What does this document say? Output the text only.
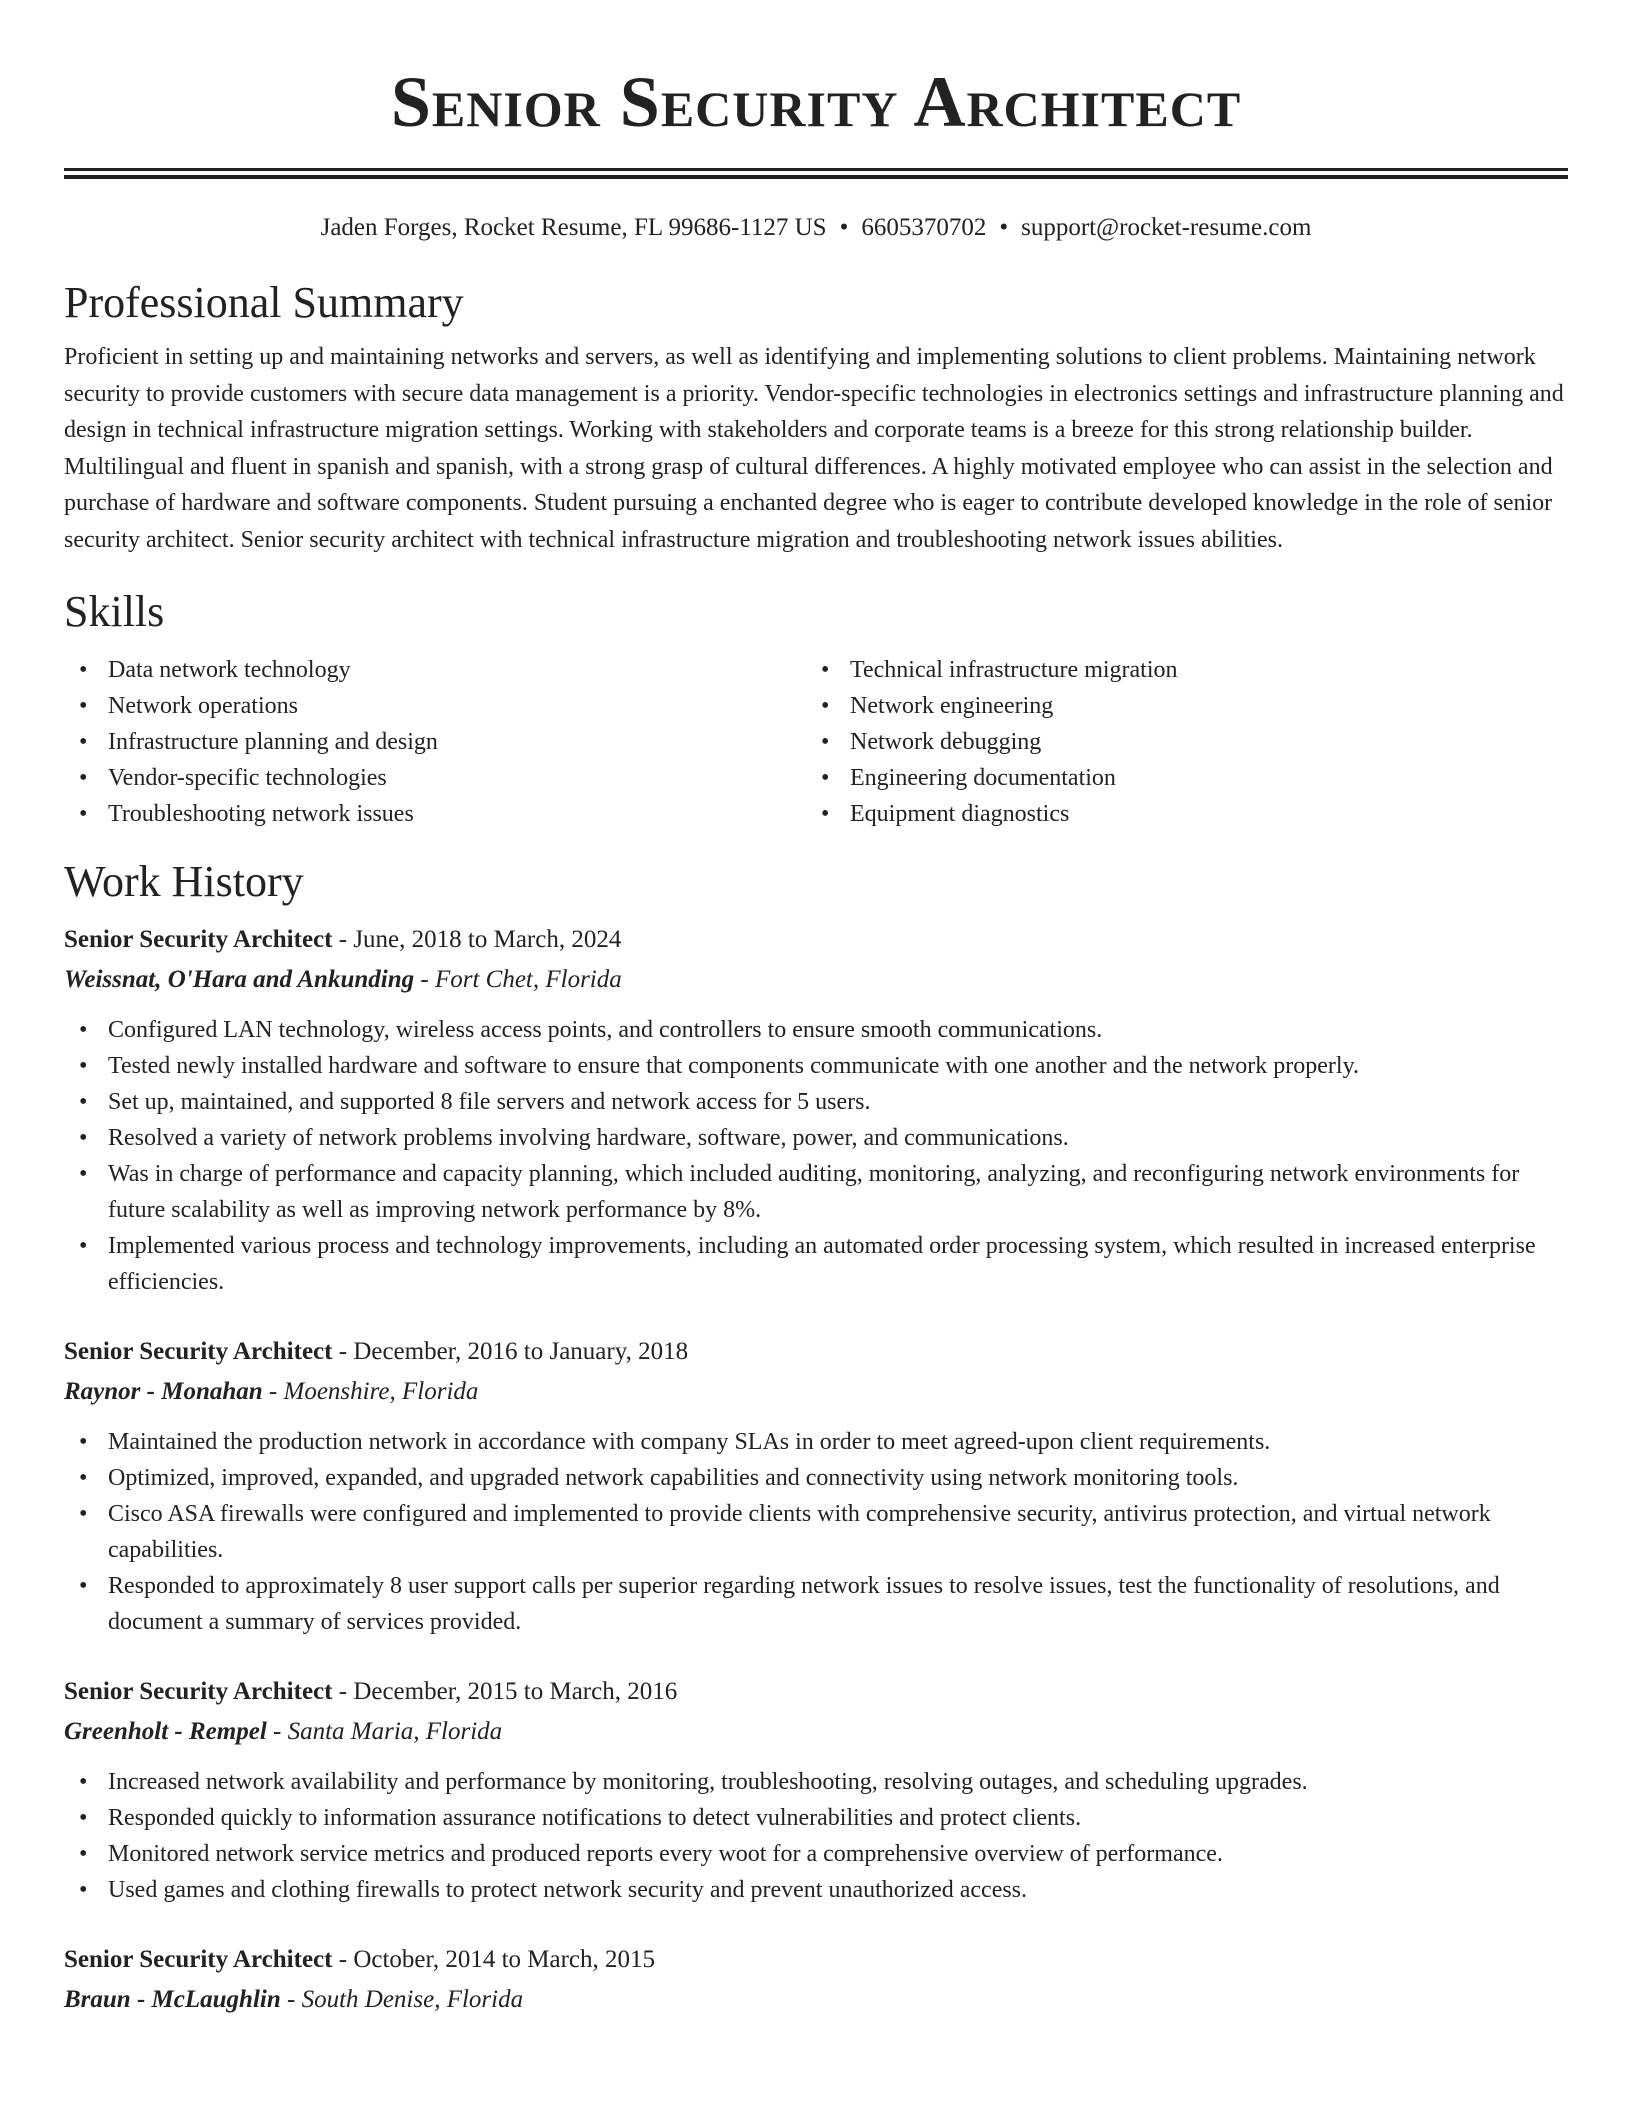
Senior Security Architect
Jaden Forges, Rocket Resume, FL 99686-1127 US • 6605370702 • support@rocket-resume.com
Professional Summary

Proficient in setting up and maintaining networks and servers, as well as identifying and implementing solutions to client problems. Maintaining network security to provide customers with secure data management is a priority. Vendor-specific technologies in electronics settings and infrastructure planning and design in technical infrastructure migration settings. Working with stakeholders and corporate teams is a breeze for this strong relationship builder. Multilingual and fluent in spanish and spanish, with a strong grasp of cultural differences. A highly motivated employee who can assist in the selection and purchase of hardware and software components. Student pursuing a enchanted degree who is eager to contribute developed knowledge in the role of senior security architect. Senior security architect with technical infrastructure migration and troubleshooting network issues abilities.

Skills
• Data network technology
• Network operations
• Infrastructure planning and design
• Vendor-specific technologies
• Troubleshooting network issues
• Technical infrastructure migration
• Network engineering
• Network debugging
• Engineering documentation
• Equipment diagnostics
Work History
Senior Security Architect - June, 2018 to March, 2024
Weissnat, O'Hara and Ankunding - Fort Chet, Florida
• Configured LAN technology, wireless access points, and controllers to ensure smooth communications.
• Tested newly installed hardware and software to ensure that components communicate with one another and the network properly.
• Set up, maintained, and supported 8 file servers and network access for 5 users.
• Resolved a variety of network problems involving hardware, software, power, and communications.
• Was in charge of performance and capacity planning, which included auditing, monitoring, analyzing, and reconfiguring network environments for future scalability as well as improving network performance by 8%.
• Implemented various process and technology improvements, including an automated order processing system, which resulted in increased enterprise efficiencies.
Senior Security Architect - December, 2016 to January, 2018
Raynor - Monahan - Moenshire, Florida
• Maintained the production network in accordance with company SLAs in order to meet agreed-upon client requirements.
• Optimized, improved, expanded, and upgraded network capabilities and connectivity using network monitoring tools.
• Cisco ASA firewalls were configured and implemented to provide clients with comprehensive security, antivirus protection, and virtual network capabilities.
• Responded to approximately 8 user support calls per superior regarding network issues to resolve issues, test the functionality of resolutions, and document a summary of services provided.
Senior Security Architect - December, 2015 to March, 2016
Greenholt - Rempel - Santa Maria, Florida
• Increased network availability and performance by monitoring, troubleshooting, resolving outages, and scheduling upgrades.
• Responded quickly to information assurance notifications to detect vulnerabilities and protect clients.
• Monitored network service metrics and produced reports every woot for a comprehensive overview of performance.
• Used games and clothing firewalls to protect network security and prevent unauthorized access.
Senior Security Architect - October, 2014 to March, 2015
Braun - McLaughlin - South Denise, Florida
